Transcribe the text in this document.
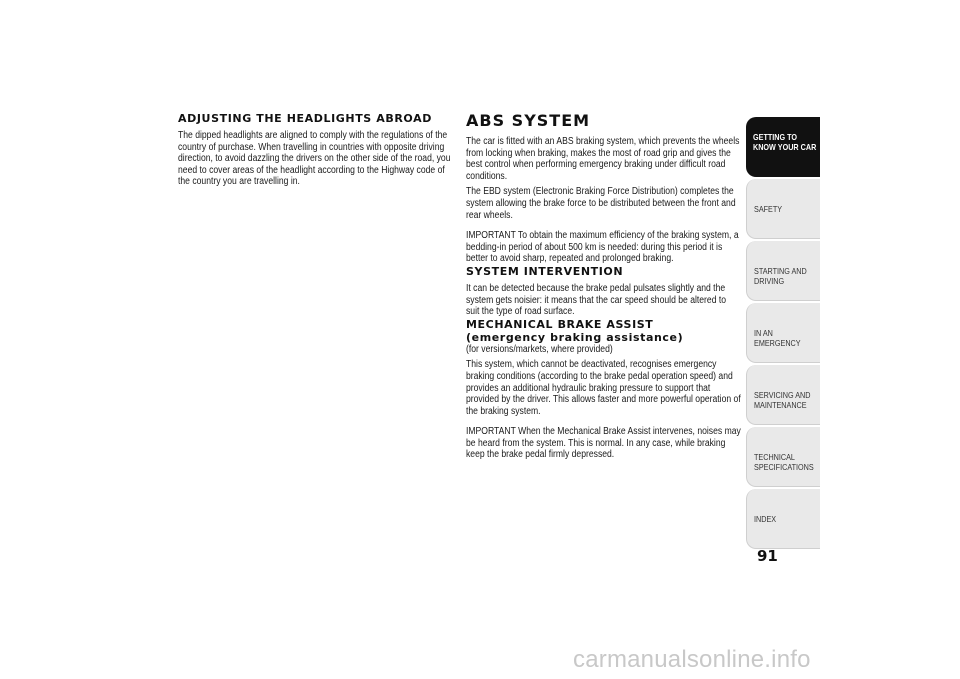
ADJUSTING THE HEADLIGHTS ABROAD

The dipped headlights are aligned to comply with the regulations of the country of purchase. When travelling in countries with opposite driving direction, to avoid dazzling the drivers on the other side of the road, you need to cover areas of the headlight according to the Highway code of the country you are travelling in.

ABS SYSTEM

The car is fitted with an ABS braking system, which prevents the wheels from locking when braking, makes the most of road grip and gives the best control when performing emergency braking under difficult road conditions.

The EBD system (Electronic Braking Force Distribution) completes the system allowing the brake force to be distributed between the front and rear wheels.

IMPORTANT To obtain the maximum efficiency of the braking system, a bedding-in period of about 500 km is needed: during this period it is better to avoid sharp, repeated and prolonged braking.

SYSTEM INTERVENTION

It can be detected because the brake pedal pulsates slightly and the system gets noisier: it means that the car speed should be altered to suit the type of road surface.

MECHANICAL BRAKE ASSIST
(emergency braking assistance)

(for versions/markets, where provided)

This system, which cannot be deactivated, recognises emergency braking conditions (according to the brake pedal operation speed) and provides an additional hydraulic braking pressure to support that provided by the driver. This allows faster and more powerful operation of the braking system.

IMPORTANT When the Mechanical Brake Assist intervenes, noises may be heard from the system. This is normal. In any case, while braking keep the brake pedal firmly depressed.

GETTING TO
KNOW YOUR CAR
SAFETY
STARTING AND
DRIVING
IN AN EMERGENCY
SERVICING AND
MAINTENANCE
TECHNICAL
SPECIFICATIONS
INDEX
91
carmanualsonline.info
